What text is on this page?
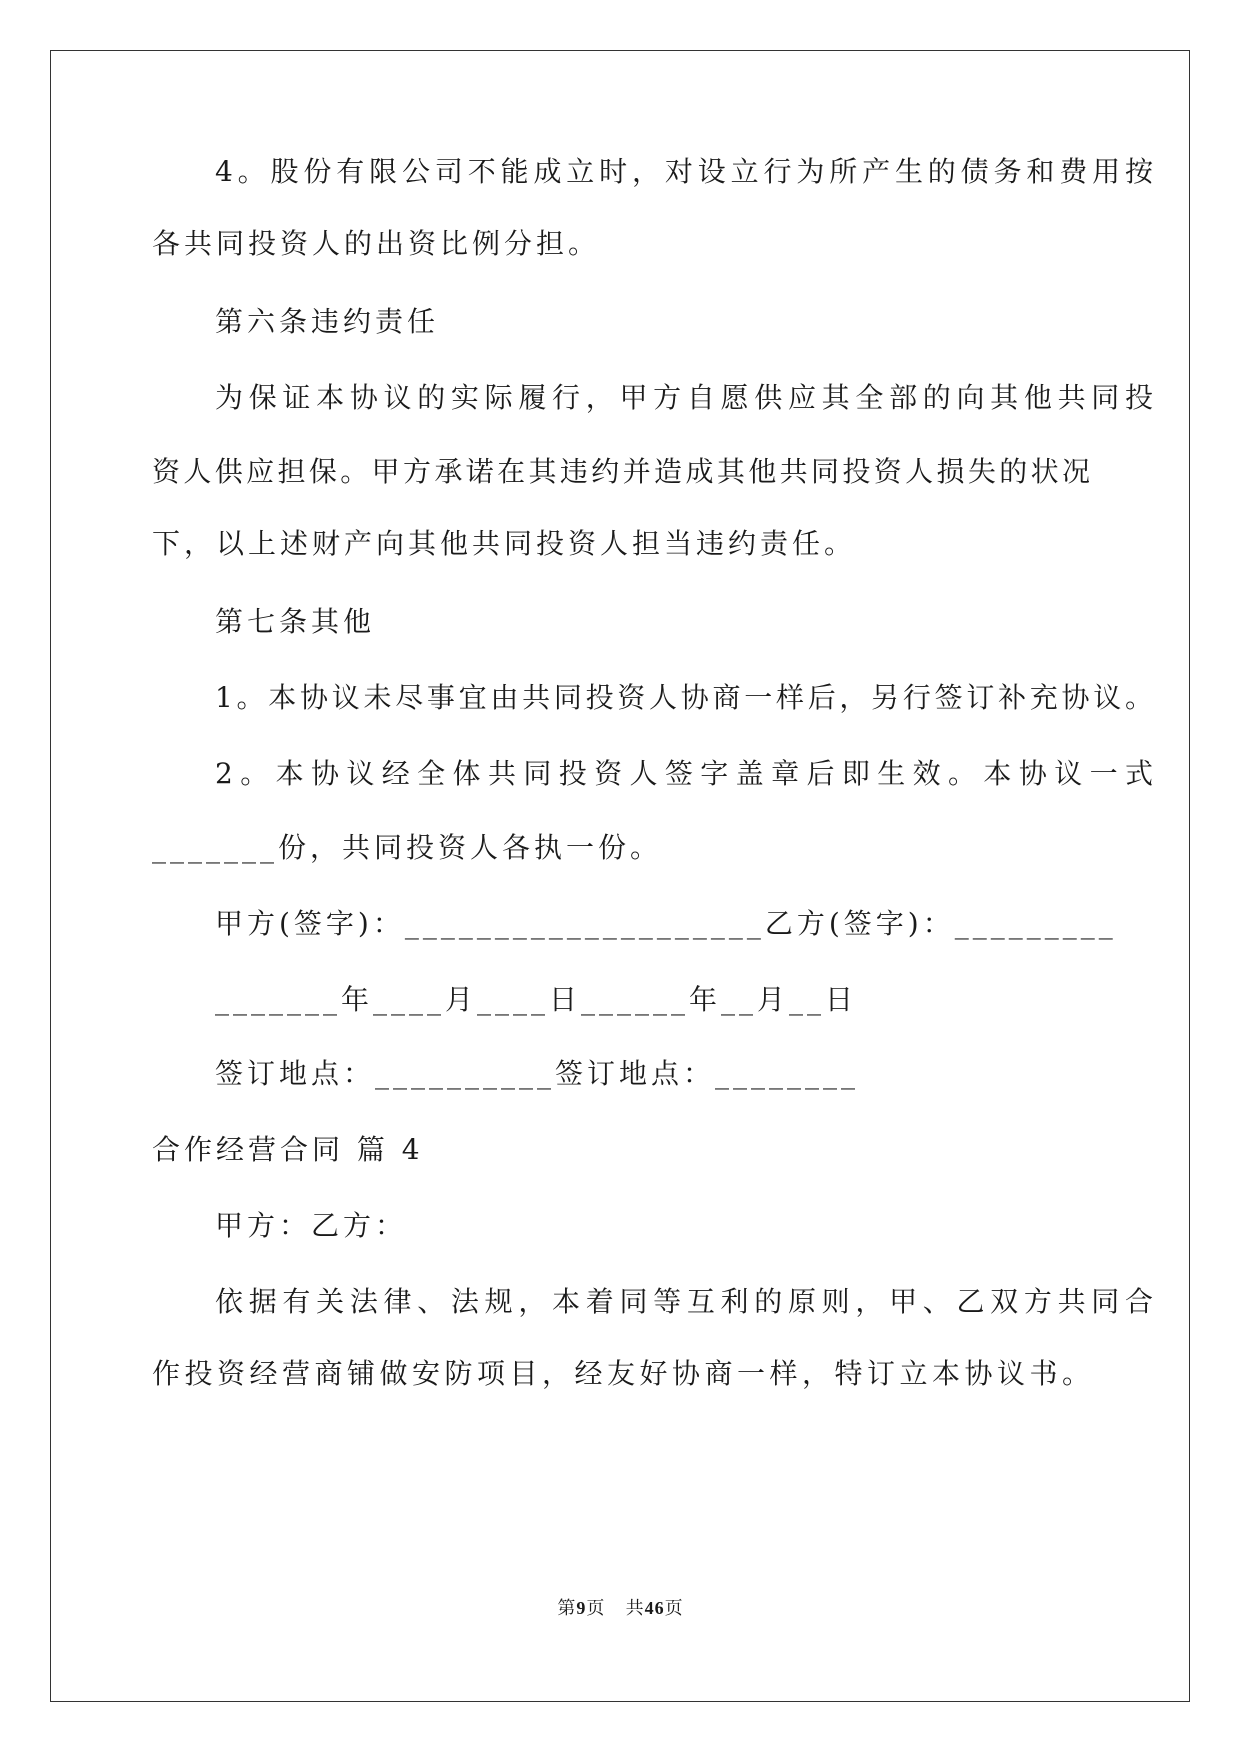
4。股份有限公司不能成立时，对设立行为所产生的债务和费用按
各共同投资人的出资比例分担。
第六条违约责任
为保证本协议的实际履行，甲方自愿供应其全部的向其他共同投
资人供应担保。甲方承诺在其违约并造成其他共同投资人损失的状况
下，以上述财产向其他共同投资人担当违约责任。
第七条其他
1。本协议未尽事宜由共同投资人协商一样后，另行签订补充协议。
2。本协议经全体共同投资人签字盖章后即生效。本协议一式
_______份，共同投资人各执一份。
甲方(签字)：____________________乙方(签字)：_________
_______年____月____日______年__月__日
签订地点：__________签订地点：________
合作经营合同 篇 4
甲方：乙方：
依据有关法律、法规，本着同等互利的原则，甲、乙双方共同合
作投资经营商铺做安防项目，经友好协商一样，特订立本协议书。
第9页 共46页
